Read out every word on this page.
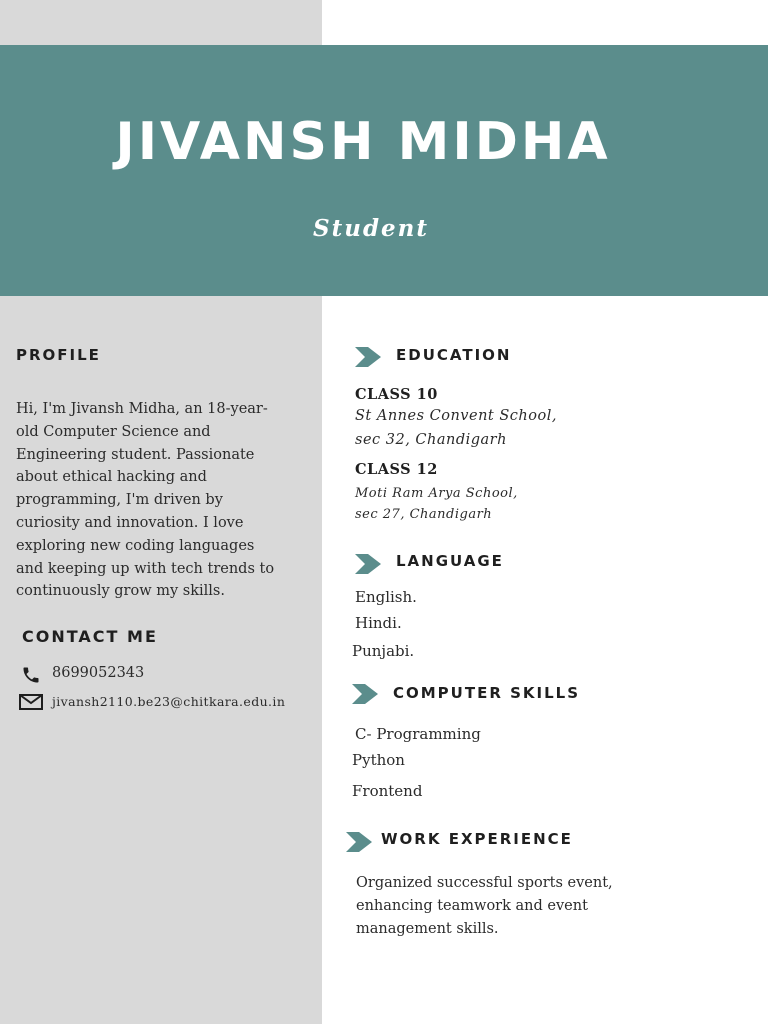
JIVANSH MIDHA
Student
PROFILE
Hi, I'm Jivansh Midha, an 18-year-old Computer Science and Engineering student. Passionate about ethical hacking and programming, I'm driven by curiosity and innovation. I love exploring new coding languages and keeping up with tech trends to continuously grow my skills.
CONTACT ME
8699052343
jivansh2110.be23@chitkara.edu.in
EDUCATION
CLASS 10
St Annes Convent School,
sec 32, Chandigarh
CLASS 12
Moti Ram Arya School,
sec 27, Chandigarh
LANGUAGE
English.
Hindi.
Punjabi.
COMPUTER SKILLS
C- Programming
Python
Frontend
WORK EXPERIENCE
Organized successful sports event, enhancing teamwork and event management skills.
